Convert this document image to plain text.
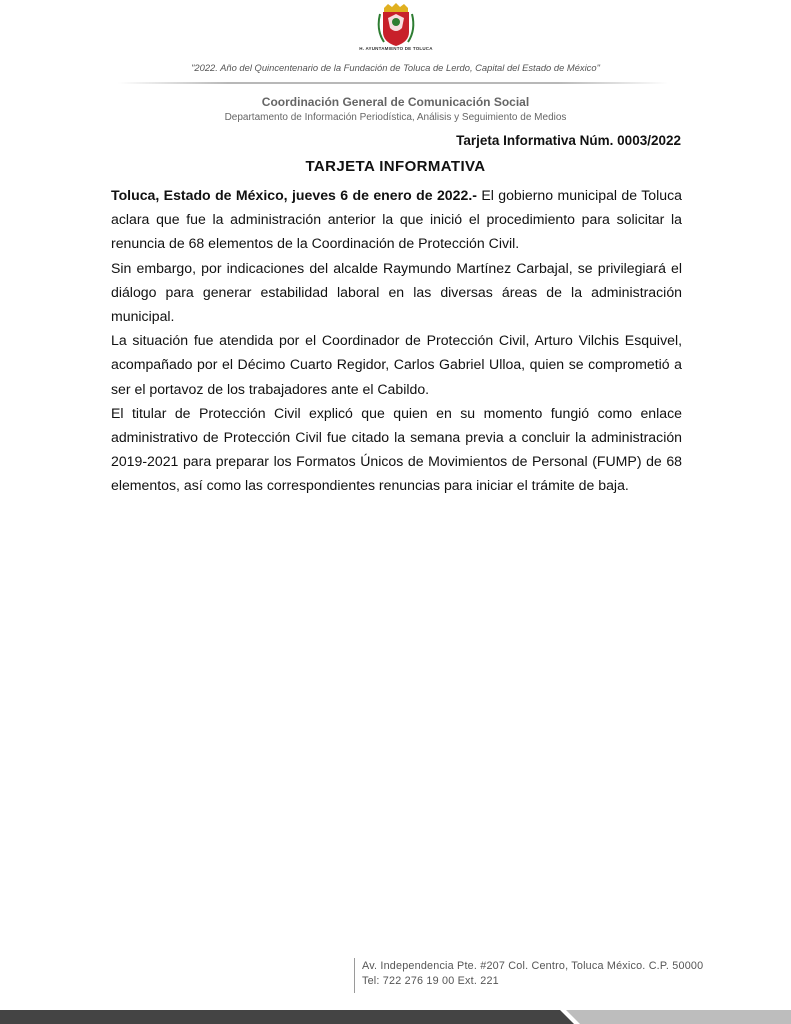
H. AYUNTAMIENTO DE TOLUCA
"2022. Año del Quincentenario de la Fundación de Toluca de Lerdo, Capital del Estado de México"
Coordinación General de Comunicación Social
Departamento de Información Periodística, Análisis y Seguimiento de Medios
Tarjeta Informativa Núm. 0003/2022
TARJETA INFORMATIVA

Toluca, Estado de México, jueves 6 de enero de 2022.- El gobierno municipal de Toluca aclara que fue la administración anterior la que inició el procedimiento para solicitar la renuncia de 68 elementos de la Coordinación de Protección Civil.

Sin embargo, por indicaciones del alcalde Raymundo Martínez Carbajal, se privilegiará el diálogo para generar estabilidad laboral en las diversas áreas de la administración municipal.

La situación fue atendida por el Coordinador de Protección Civil, Arturo Vilchis Esquivel, acompañado por el Décimo Cuarto Regidor, Carlos Gabriel Ulloa, quien se comprometió a ser el portavoz de los trabajadores ante el Cabildo.

El titular de Protección Civil explicó que quien en su momento fungió como enlace administrativo de Protección Civil fue citado la semana previa a concluir la administración 2019-2021 para preparar los Formatos Únicos de Movimientos de Personal (FUMP) de 68 elementos, así como las correspondientes renuncias para iniciar el trámite de baja.

Av. Independencia Pte. #207 Col. Centro, Toluca México. C.P. 50000
Tel: 722 276 19 00 Ext. 221
